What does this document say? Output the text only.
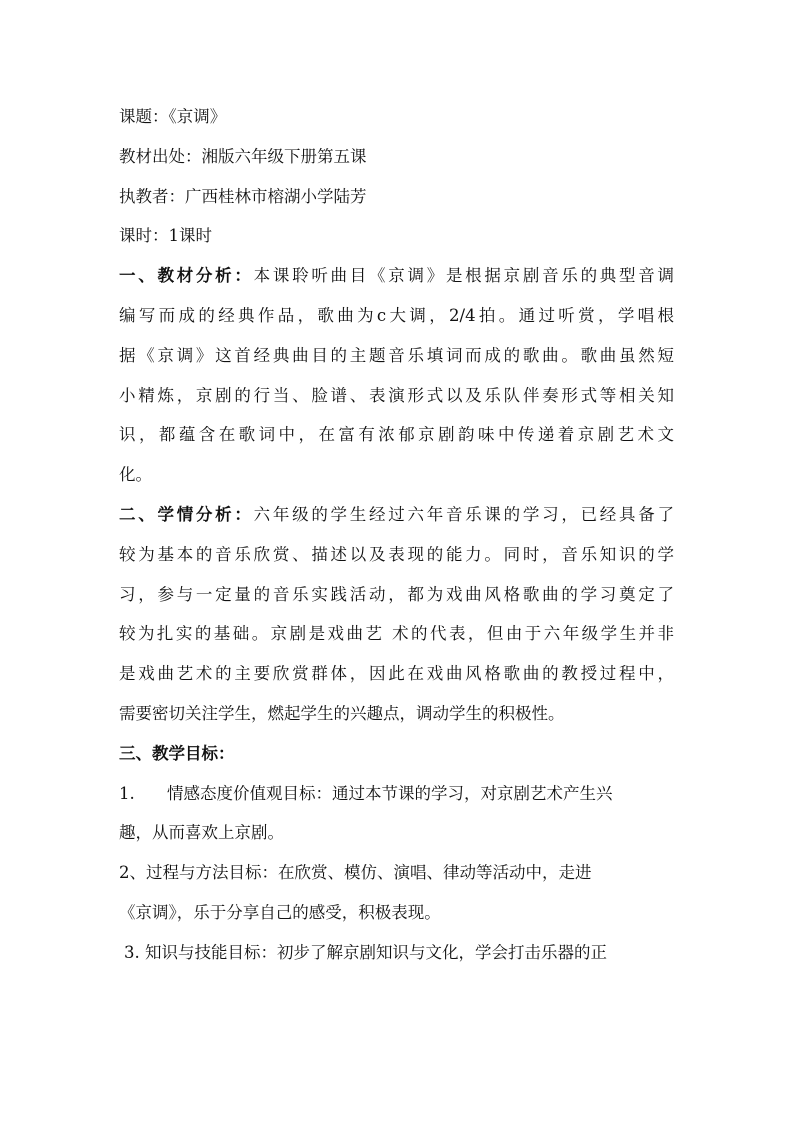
课题：《京调》
教材出处：湘版六年级下册第五课
执教者：广西桂林市榕湖小学陆芳
课时：1课时
一、教材分析：本课聆听曲目《京调》是根据京剧音乐的典型音调
编写而成的经典作品，歌曲为c大调，2/4拍。通过听赏，学唱根
据《京调》这首经典曲目的主题音乐填词而成的歌曲。歌曲虽然短
小精炼，京剧的行当、脸谱、表演形式以及乐队伴奏形式等相关知
识，都蕴含在歌词中，在富有浓郁京剧韵味中传递着京剧艺术文
化。
二、学情分析：六年级的学生经过六年音乐课的学习，已经具备了
较为基本的音乐欣赏、描述以及表现的能力。同时，音乐知识的学
习，参与一定量的音乐实践活动，都为戏曲风格歌曲的学习奠定了
较为扎实的基础。京剧是戏曲艺 术的代表，但由于六年级学生并非
是戏曲艺术的主要欣赏群体，因此在戏曲风格歌曲的教授过程中，
需要密切关注学生，燃起学生的兴趣点，调动学生的积极性。
三、教学目标：
1. 情感态度价值观目标：通过本节课的学习，对京剧艺术产生兴
趣，从而喜欢上京剧。
2、过程与方法目标：在欣赏、模仿、演唱、律动等活动中，走进
《京调》，乐于分享自己的感受，积极表现。
3. 知识与技能目标：初步了解京剧知识与文化，学会打击乐器的正
